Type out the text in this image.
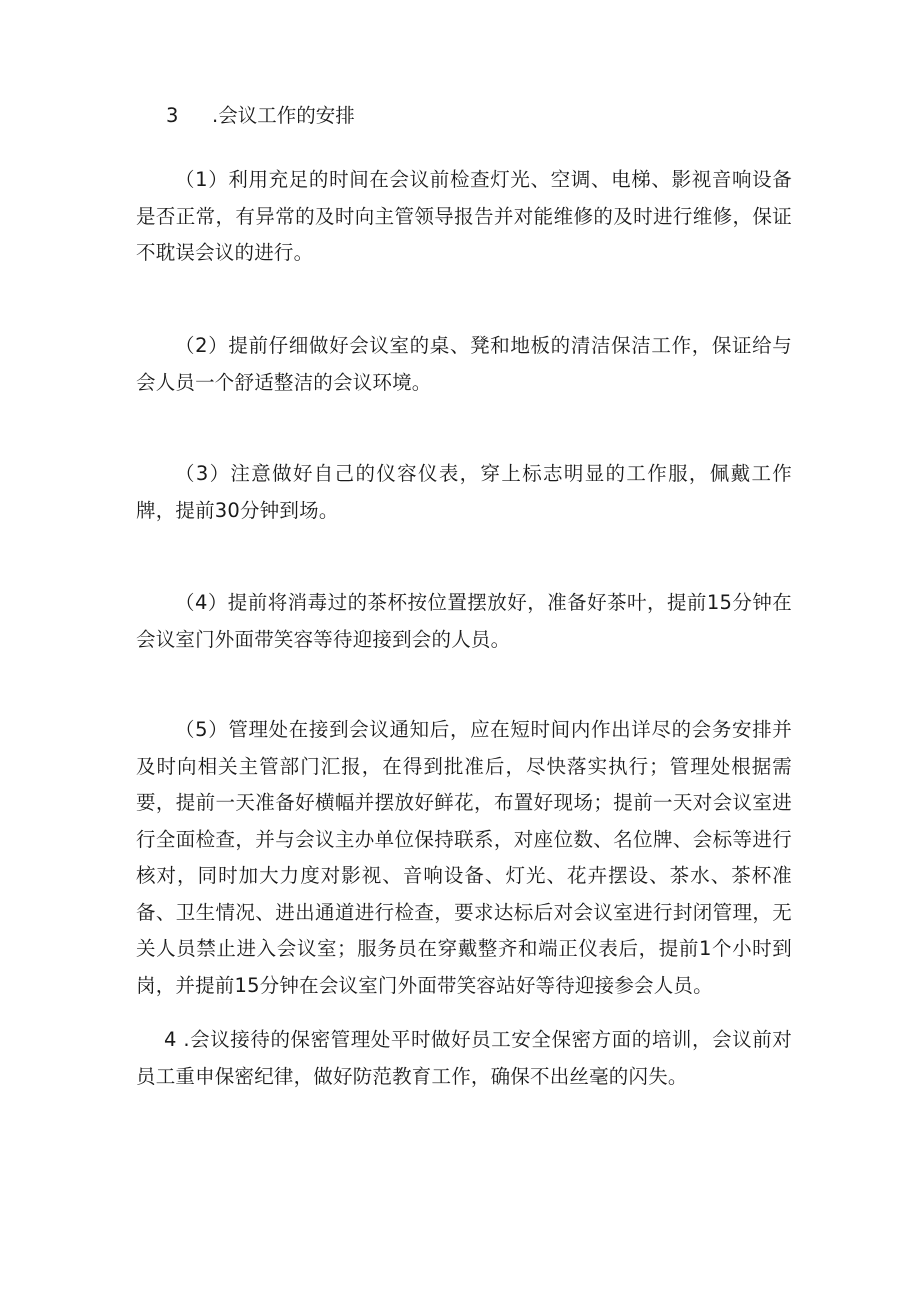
3 .会议工作的安排

（1）利用充足的时间在会议前检查灯光、空调、电梯、影视音响设备是否正常，有异常的及时向主管领导报告并对能维修的及时进行维修，保证不耽误会议的进行。

（2）提前仔细做好会议室的桌、凳和地板的清洁保洁工作，保证给与会人员一个舒适整洁的会议环境。

（3）注意做好自己的仪容仪表，穿上标志明显的工作服，佩戴工作牌，提前30分钟到场。

（4）提前将消毒过的茶杯按位置摆放好，准备好茶叶，提前15分钟在会议室门外面带笑容等待迎接到会的人员。

（5）管理处在接到会议通知后，应在短时间内作出详尽的会务安排并及时向相关主管部门汇报，在得到批准后，尽快落实执行；管理处根据需要，提前一天准备好横幅并摆放好鲜花，布置好现场；提前一天对会议室进行全面检查，并与会议主办单位保持联系，对座位数、名位牌、会标等进行核对，同时加大力度对影视、音响设备、灯光、花卉摆设、茶水、茶杯准备、卫生情况、进出通道进行检查，要求达标后对会议室进行封闭管理，无关人员禁止进入会议室；服务员在穿戴整齐和端正仪表后，提前1个小时到岗，并提前15分钟在会议室门外面带笑容站好等待迎接参会人员。

4 .会议接待的保密管理处平时做好员工安全保密方面的培训，会议前对员工重申保密纪律，做好防范教育工作，确保不出丝毫的闪失。
